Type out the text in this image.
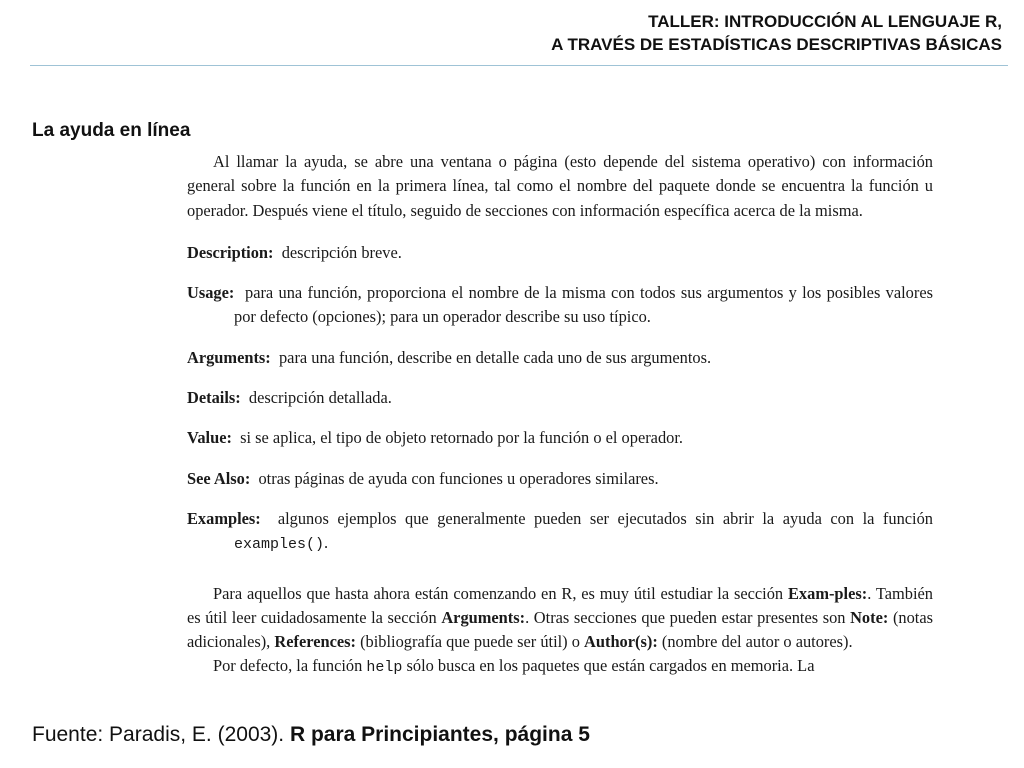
TALLER: INTRODUCCIÓN AL LENGUAJE R,
A TRAVÉS DE ESTADÍSTICAS DESCRIPTIVAS BÁSICAS
La ayuda en línea

Al llamar la ayuda, se abre una ventana o página (esto depende del sistema operativo) con información general sobre la función en la primera línea, tal como el nombre del paquete donde se encuentra la función u operador. Después viene el título, seguido de secciones con información específica acerca de la misma.

Description: descripción breve.

Usage: para una función, proporciona el nombre de la misma con todos sus argumentos y los posibles valores por defecto (opciones); para un operador describe su uso típico.

Arguments: para una función, describe en detalle cada uno de sus argumentos.

Details: descripción detallada.

Value: si se aplica, el tipo de objeto retornado por la función o el operador.

See Also: otras páginas de ayuda con funciones u operadores similares.

Examples: algunos ejemplos que generalmente pueden ser ejecutados sin abrir la ayuda con la función examples().

Para aquellos que hasta ahora están comenzando en R, es muy útil estudiar la sección Exam-ples:. También es útil leer cuidadosamente la sección Arguments:. Otras secciones que pueden estar presentes son Note: (notas adicionales), References: (bibliografía que puede ser útil) o Author(s): (nombre del autor o autores).

Por defecto, la función help sólo busca en los paquetes que están cargados en memoria. La

Fuente: Paradis, E. (2003). R para Principiantes, página 5
